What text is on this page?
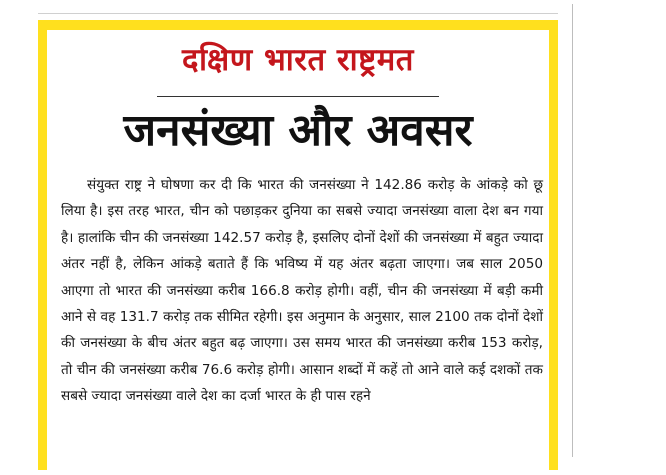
दक्षिण भारत राष्ट्रमत
जनसंख्या और अवसर

संयुक्त राष्ट्र ने घोषणा कर दी कि भारत की जनसंख्या ने 142.86 करोड़ के आंकड़े को छू लिया है। इस तरह भारत, चीन को पछाड़कर दुनिया का सबसे ज्यादा जनसंख्या वाला देश बन गया है। हालांकि चीन की जनसंख्या 142.57 करोड़ है, इसलिए दोनों देशों की जनसंख्या में बहुत ज्यादा अंतर नहीं है, लेकिन आंकड़े बताते हैं कि भविष्य में यह अंतर बढ़ता जाएगा। जब साल 2050 आएगा तो भारत की जनसंख्या करीब 166.8 करोड़ होगी। वहीं, चीन की जनसंख्या में बड़ी कमी आने से वह 131.7 करोड़ तक सीमित रहेगी। इस अनुमान के अनुसार, साल 2100 तक दोनों देशों की जनसंख्या के बीच अंतर बहुत बढ़ जाएगा। उस समय भारत की जनसंख्या करीब 153 करोड़, तो चीन की जनसंख्या करीब 76.6 करोड़ होगी। आसान शब्दों में कहें तो आने वाले कई दशकों तक सबसे ज्यादा जनसंख्या वाले देश का दर्जा भारत के ही पास रहने
